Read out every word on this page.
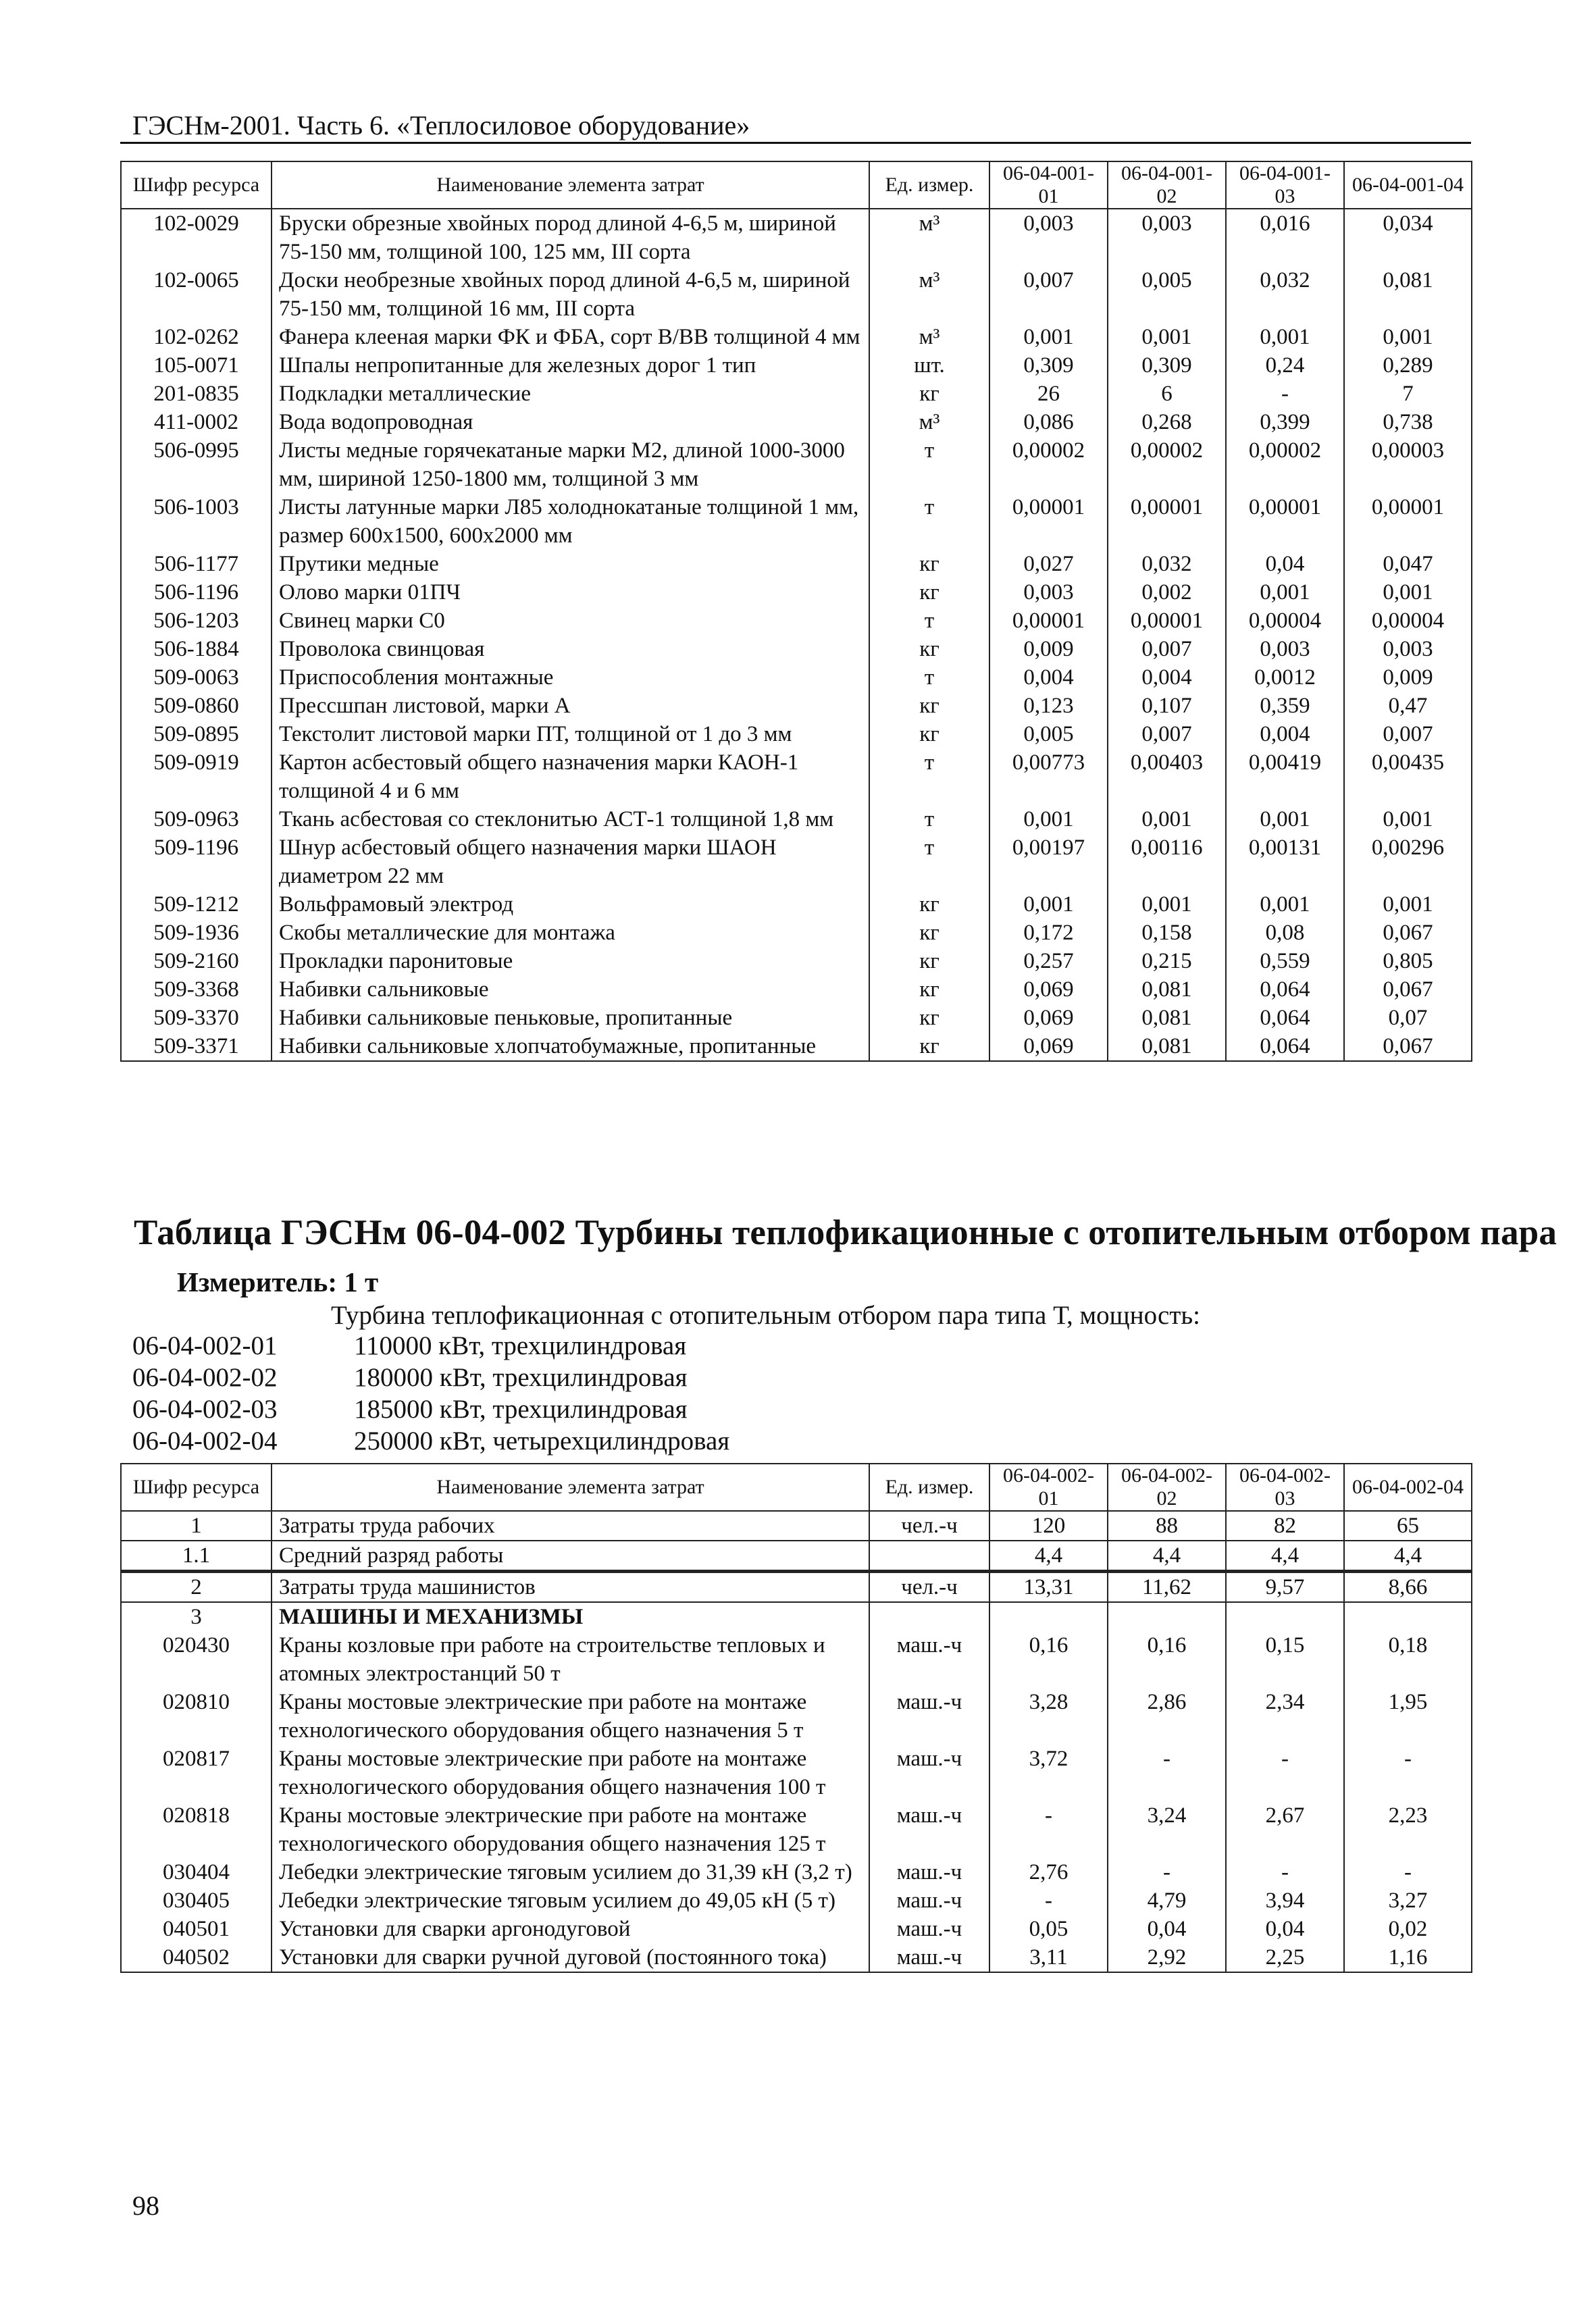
ГЭСНм-2001. Часть 6. «Теплосиловое оборудование»
Шифр ресурса	Наименование элемента затрат	Ед. измер.	06-04-001-01	06-04-001-02	06-04-001-03	06-04-001-04
102-0029	Бруски обрезные хвойных пород длиной 4-6,5 м, шириной 75-150 мм, толщиной 100, 125 мм, III сорта	м³	0,003	0,003	0,016	0,034
102-0065	Доски необрезные хвойных пород длиной 4-6,5 м, шириной 75-150 мм, толщиной 16 мм, III сорта	м³	0,007	0,005	0,032	0,081
102-0262	Фанера клееная марки ФК и ФБА, сорт В/ВВ толщиной 4 мм	м³	0,001	0,001	0,001	0,001
105-0071	Шпалы непропитанные для железных дорог 1 тип	шт.	0,309	0,309	0,24	0,289
201-0835	Подкладки металлические	кг	26	6	-	7
411-0002	Вода водопроводная	м³	0,086	0,268	0,399	0,738
506-0995	Листы медные горячекатаные марки М2, длиной 1000-3000 мм, шириной 1250-1800 мм, толщиной 3 мм	т	0,00002	0,00002	0,00002	0,00003
506-1003	Листы латунные марки Л85 холоднокатаные толщиной 1 мм, размер 600x1500, 600x2000 мм	т	0,00001	0,00001	0,00001	0,00001
506-1177	Прутики медные	кг	0,027	0,032	0,04	0,047
506-1196	Олово марки 01ПЧ	кг	0,003	0,002	0,001	0,001
506-1203	Свинец марки С0	т	0,00001	0,00001	0,00004	0,00004
506-1884	Проволока свинцовая	кг	0,009	0,007	0,003	0,003
509-0063	Приспособления монтажные	т	0,004	0,004	0,0012	0,009
509-0860	Прессшпан листовой, марки А	кг	0,123	0,107	0,359	0,47
509-0895	Текстолит листовой марки ПТ, толщиной от 1 до 3 мм	кг	0,005	0,007	0,004	0,007
509-0919	Картон асбестовый общего назначения марки КАОН-1 толщиной 4 и 6 мм	т	0,00773	0,00403	0,00419	0,00435
509-0963	Ткань асбестовая со стеклонитью АСТ-1 толщиной 1,8 мм	т	0,001	0,001	0,001	0,001
509-1196	Шнур асбестовый общего назначения марки ШАОН диаметром 22 мм	т	0,00197	0,00116	0,00131	0,00296
509-1212	Вольфрамовый электрод	кг	0,001	0,001	0,001	0,001
509-1936	Скобы металлические для монтажа	кг	0,172	0,158	0,08	0,067
509-2160	Прокладки паронитовые	кг	0,257	0,215	0,559	0,805
509-3368	Набивки сальниковые	кг	0,069	0,081	0,064	0,067
509-3370	Набивки сальниковые пеньковые, пропитанные	кг	0,069	0,081	0,064	0,07
509-3371	Набивки сальниковые хлопчатобумажные, пропитанные	кг	0,069	0,081	0,064	0,067
Таблица ГЭСНм 06-04-002 Турбины теплофикационные с отопительным отбором пара
Измеритель: 1 т
Турбина теплофикационная с отопительным отбором пара типа Т, мощность:
06-04-002-01	110000 кВт, трехцилиндровая
06-04-002-02	180000 кВт, трехцилиндровая
06-04-002-03	185000 кВт, трехцилиндровая
06-04-002-04	250000 кВт, четырехцилиндровая
Шифр ресурса	Наименование элемента затрат	Ед. измер.	06-04-002-01	06-04-002-02	06-04-002-03	06-04-002-04
1	Затраты труда рабочих	чел.-ч	120	88	82	65
1.1	Средний разряд работы		4,4	4,4	4,4	4,4
2	Затраты труда машинистов	чел.-ч	13,31	11,62	9,57	8,66
3	МАШИНЫ И МЕХАНИЗМЫ					
020430	Краны козловые при работе на строительстве тепловых и атомных электростанций 50 т	маш.-ч	0,16	0,16	0,15	0,18
020810	Краны мостовые электрические при работе на монтаже технологического оборудования общего назначения 5 т	маш.-ч	3,28	2,86	2,34	1,95
020817	Краны мостовые электрические при работе на монтаже технологического оборудования общего назначения 100 т	маш.-ч	3,72	-	-	-
020818	Краны мостовые электрические при работе на монтаже технологического оборудования общего назначения 125 т	маш.-ч	-	3,24	2,67	2,23
030404	Лебедки электрические тяговым усилием до 31,39 кН (3,2 т)	маш.-ч	2,76	-	-	-
030405	Лебедки электрические тяговым усилием до 49,05 кН (5 т)	маш.-ч	-	4,79	3,94	3,27
040501	Установки для сварки аргонодуговой	маш.-ч	0,05	0,04	0,04	0,02
040502	Установки для сварки ручной дуговой (постоянного тока)	маш.-ч	3,11	2,92	2,25	1,16
98
